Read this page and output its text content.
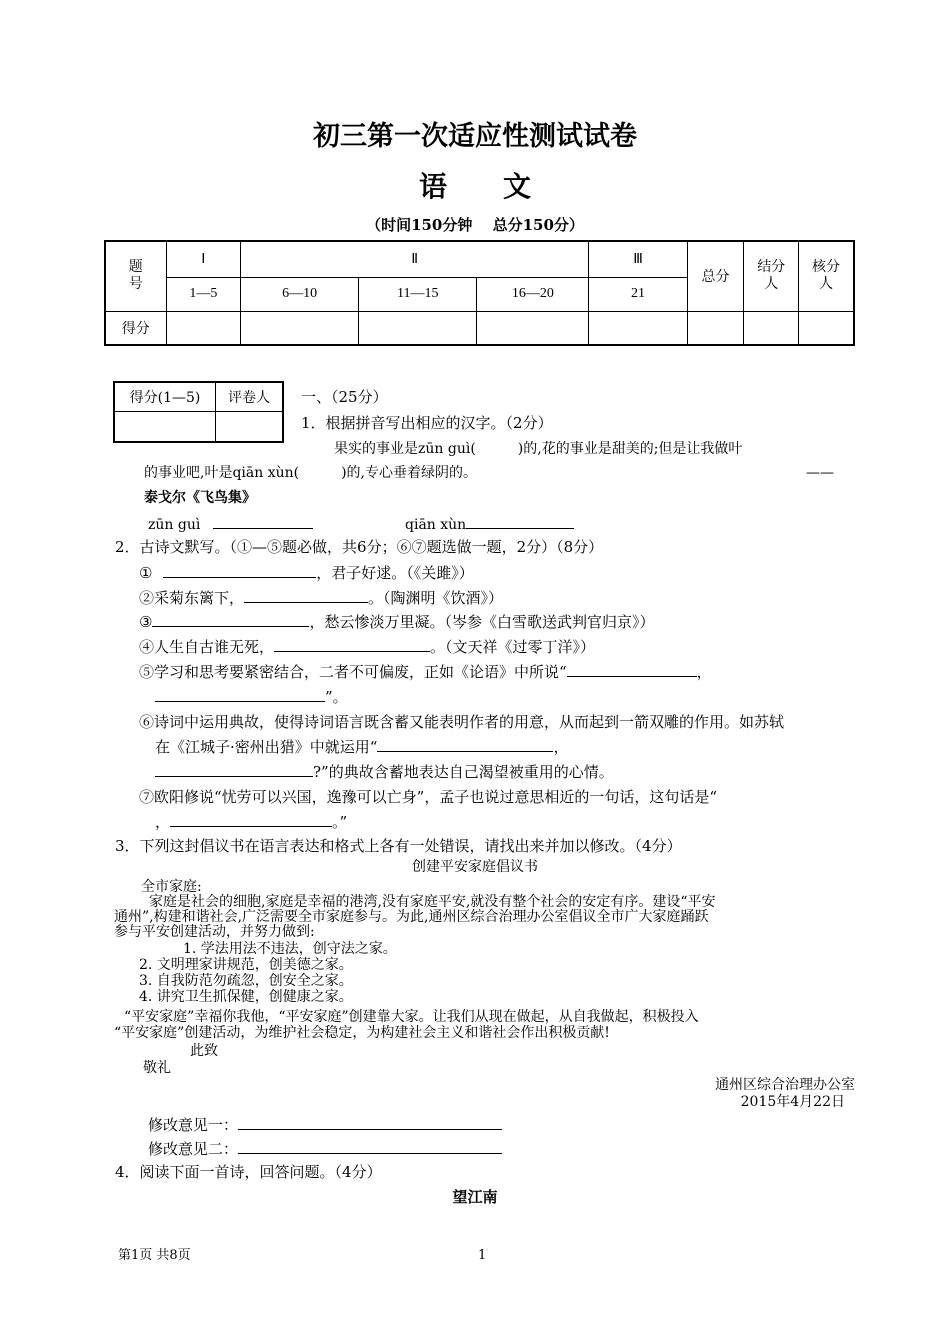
初三第一次适应性测试试卷
语　　文
（时间150分钟　 总分150分）
题号	Ⅰ	Ⅱ			Ⅲ	总分	结分人	核分人

	1—5	6—10	11—15	16—20	21			
得分								
得分(1—5)	评卷人
	一、（25分）
1．根据拼音写出相应的汉字。（2分）
果实的事业是zūn guì(　　　)的,花的事业是甜美的;但是让我做叶
的事业吧,叶是qiān xùn(　　　)的,专心垂着绿阴的。	——
泰戈尔《飞鸟集》
zūn guì	qiān xùn
2．古诗文默写。（①—⑤题必做，共6分；⑥⑦题选做一题，2分）（8分）
①	，君子好逑。（《关雎》）
②采菊东篱下，	。（陶渊明《饮酒》）
③	，愁云惨淡万里凝。（岑参《白雪歌送武判官归京》）
④人生自古谁无死，	。（文天祥《过零丁洋》）
⑤学习和思考要紧密结合，二者不可偏废，正如《论语》中所说“	，
”。
⑥诗词中运用典故，使得诗词语言既含蓄又能表明作者的用意，从而起到一箭双雕的作用。如苏轼
在《江城子·密州出猎》中就运用“	，
?”的典故含蓄地表达自己渴望被重用的心情。
⑦欧阳修说“忧劳可以兴国，逸豫可以亡身”，孟子也说过意思相近的一句话，这句话是“
，	。”
3．下列这封倡议书在语言表达和格式上各有一处错误，请找出来并加以修改。（4分）
创建平安家庭倡议书
全市家庭:
家庭是社会的细胞,家庭是幸福的港湾,没有家庭平安,就没有整个社会的安定有序。建设“平安
通州”,构建和谐社会,广泛需要全市家庭参与。为此,通州区综合治理办公室倡议全市广大家庭踊跃
参与平安创建活动，并努力做到:
1. 学法用法不违法，创守法之家。
2. 文明理家讲规范，创美德之家。
3. 自我防范勿疏忽，创安全之家。
4. 讲究卫生抓保健，创健康之家。
“平安家庭”幸福你我他，“平安家庭”创建靠大家。让我们从现在做起，从自我做起，积极投入
“平安家庭”创建活动，为维护社会稳定，为构建社会主义和谐社会作出积极贡献!
此致
敬礼
通州区综合治理办公室
2015年4月22日
修改意见一：
修改意见二：
4．阅读下面一首诗，回答问题。（4分）
望江南
第1页 共8页	1
